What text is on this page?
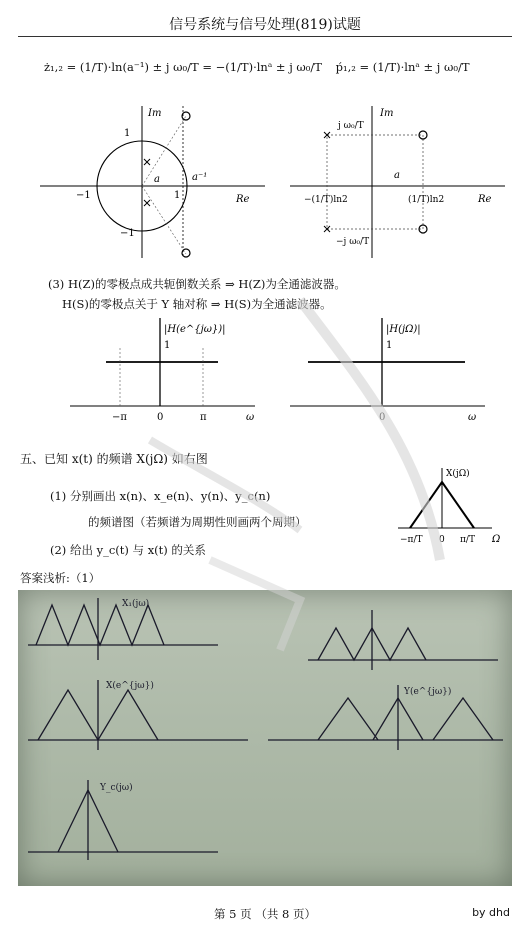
信号系统与信号处理(819)试题
ż₁,₂ = (1/T)·ln(a⁻¹) ± j ω₀/T = −(1/T)·lnᵃ ± j ω₀/T ṕ₁,₂ = (1/T)·lnᵃ ± j ω₀/T
Im
Re
1
−1
−1
a	a⁻¹
1
Im
Re
a
j ω₀/T
−j ω₀/T
−(1/T)ln2	(1/T)ln2
(3) H(Z)的零极点成共轭倒数关系 ⇒ H(Z)为全通滤波器。
H(S)的零极点关于 Y 轴对称 ⇒ H(S)为全通滤波器。
|H(e^{jω})|
1
−π	0	π	ω
|H(jΩ)|
1
0	ω
五、已知 x(t) 的频谱 X(jΩ) 如右图
(1) 分别画出 x(n)、x_e(n)、y(n)、y_c(n)
的频谱图（若频谱为周期性则画两个周期）
(2) 给出 y_c(t) 与 x(t) 的关系
X(jΩ)
−π/T 0 π/T Ω
答案浅析:（1）
X₁(jω)
X(e^{jω})
Y(e^{jω})
Y_c(jω)
第 5 页 （共 8 页）	by dhd
